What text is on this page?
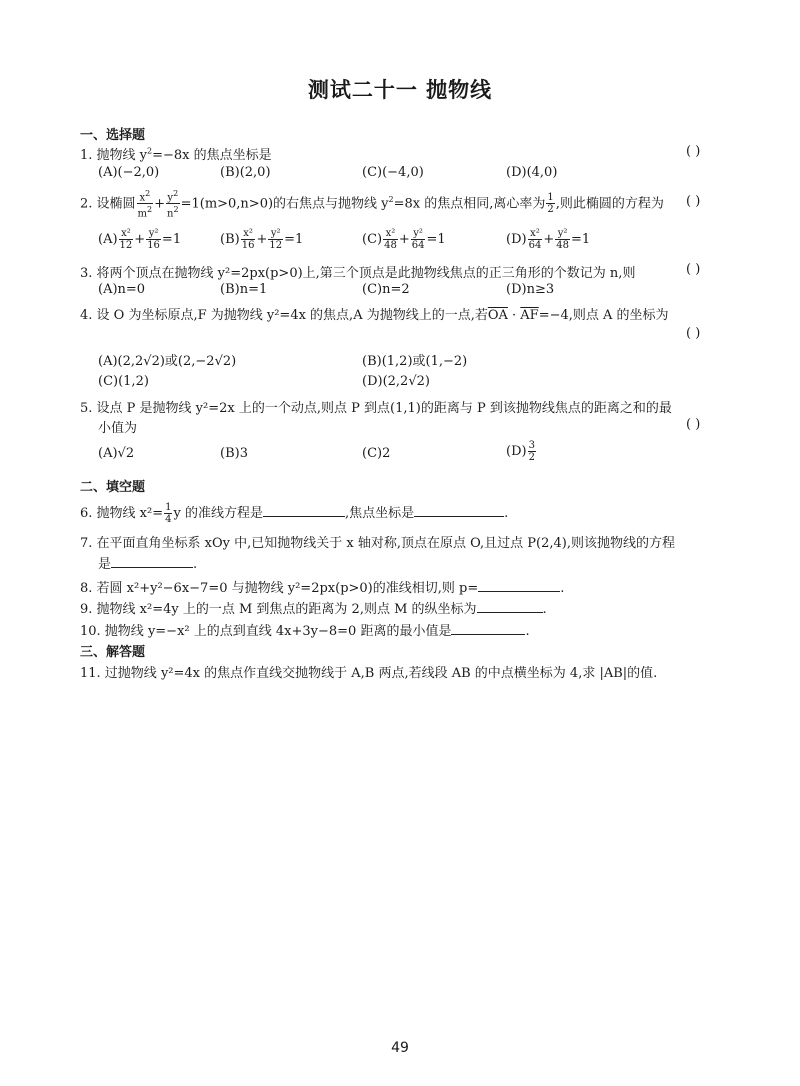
测试二十一 抛物线
一、选择题
1. 抛物线 $y^2=-8x$ 的焦点坐标是	( )
(A)(−2,0)	(B)(2,0)	(C)(−4,0)	(D)(4,0)
2. 设椭圆 $\frac{x^2}{m^2} + \frac{y^2}{n^2} =1(m>0,n>0)$的右焦点与抛物线 $y^2=8x$ 的焦点相同,离心率为 $\frac{1}{2}$ ,则此椭圆的方程为 ( )
$(A) \frac{\text{x²}}{12} + \frac{\text{y²}}{16} =1$	$(B) \frac{\text{x²}}{16} + \frac{\text{y²}}{12} =1$	$(C) \frac{\text{x²}}{48} + \frac{\text{y²}}{64} =1$	$(D) \frac{\text{x²}}{64} + \frac{\text{y²}}{48} =1$
3. 将两个顶点在抛物线 y²=2px(p>0)上,第三个顶点是此抛物线焦点的正三角形的个数记为 n,则	( )
(A)n=0	(B)n=1	(C)n=2	(D)n≥3
4. 设 O 为坐标原点,F 为抛物线 y²=4x 的焦点,A 为抛物线上的一点,若$\overline{OA} \cdot \overline{AF}=-4$,则点 A 的坐标为
( )
(A)(2,2√2)或(2,−2√2)	(B)(1,2)或(1,−2)
(C)(1,2)	(D)(2,2√2)
5. 设点 P 是抛物线 y²=2x 上的一个动点,则点 P 到点(1,1)的距离与 P 到该抛物线焦点的距离之和的最
小值为	( )
(A)√2	(B)3	(C)2	$(D) \frac{3}{2}$
二、填空题
6. 抛物线 $x^2= \frac{1}{4}$ y 的准线方程是	,焦点坐标是	.
7. 在平面直角坐标系 xOy 中,已知抛物线关于 x 轴对称,顶点在原点 O,且过点 P(2,4),则该抛物线的方程
是	.
8. 若圆 x²+y²−6x−7=0 与抛物线 y²=2px(p>0)的准线相切,则 p=	.
9. 抛物线 x²=4y 上的一点 M 到焦点的距离为 2,则点 M 的纵坐标为	.
10. 抛物线 y=−x² 上的点到直线 4x+3y−8=0 距离的最小值是	.
三、解答题
11. 过抛物线 y²=4x 的焦点作直线交抛物线于 A,B 两点,若线段 AB 的中点横坐标为 4,求 |AB|的值.
49
